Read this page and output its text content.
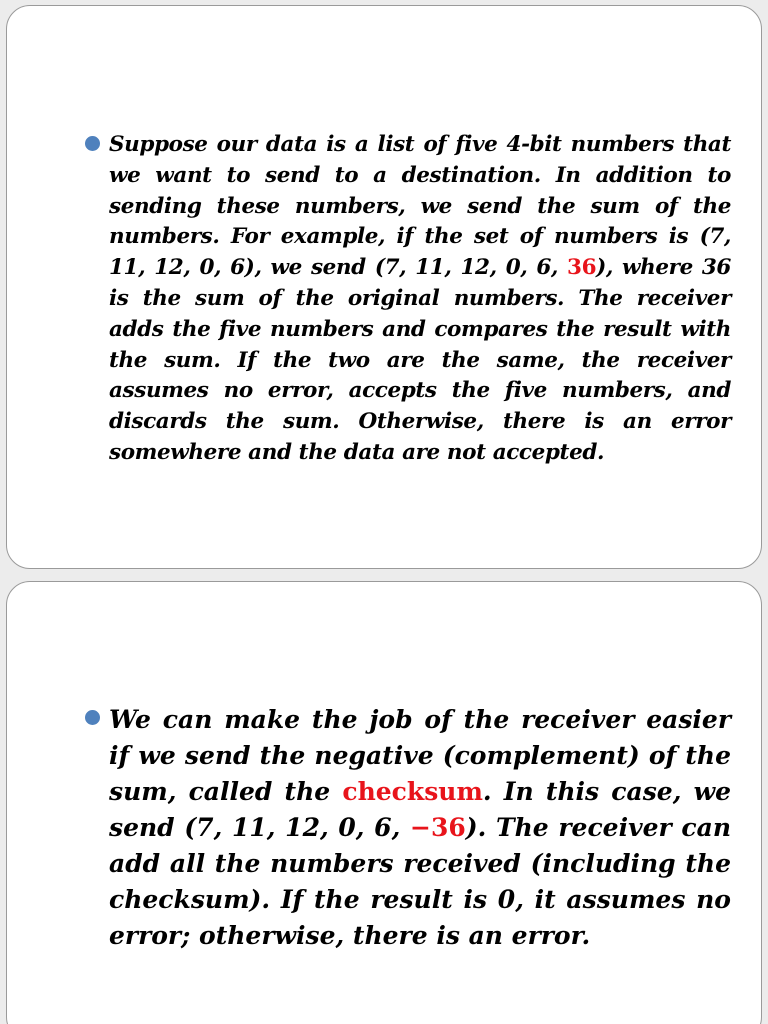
Suppose our data is a list of five 4-bit numbers that we want to send to a destination. In addition to sending these numbers, we send the sum of the numbers. For example, if the set of numbers is (7, 11, 12, 0, 6), we send (7, 11, 12, 0, 6, 36), where 36 is the sum of the original numbers. The receiver adds the five numbers and compares the result with the sum. If the two are the same, the receiver assumes no error, accepts the five numbers, and discards the sum. Otherwise, there is an error somewhere and the data are not accepted.

We can make the job of the receiver easier if we send the negative (complement) of the sum, called the checksum. In this case, we send (7, 11, 12, 0, 6, −36). The receiver can add all the numbers received (including the checksum). If the result is 0, it assumes no error; otherwise, there is an error.
